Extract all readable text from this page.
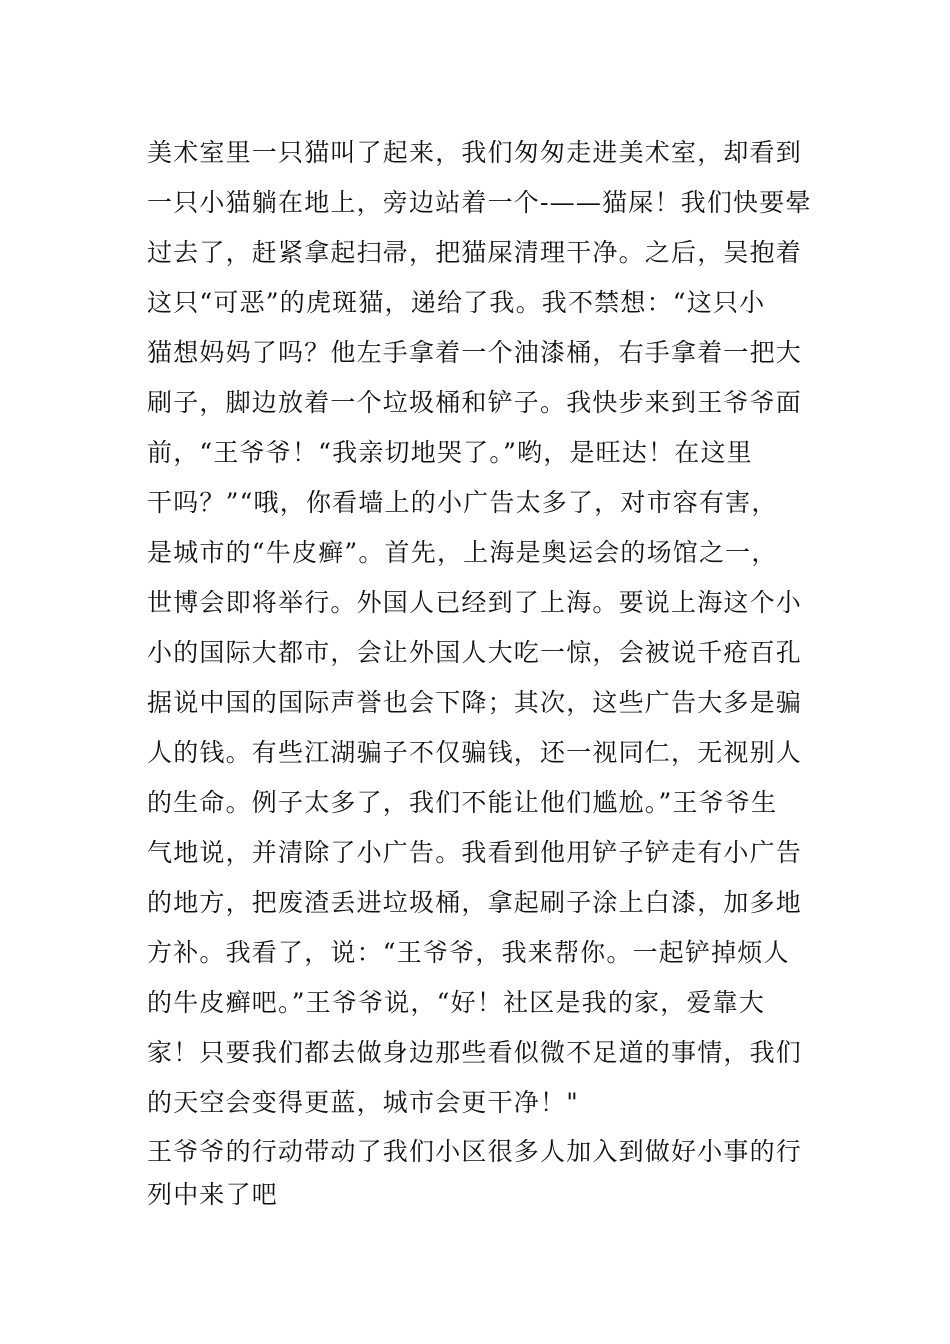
美术室里一只猫叫了起来，我们匆匆走进美术室，却看到
一只小猫躺在地上，旁边站着一个-——猫屎！我们快要晕
过去了，赶紧拿起扫帚，把猫屎清理干净。之后，吴抱着
这只“可恶”的虎斑猫，递给了我。我不禁想：“这只小
猫想妈妈了吗？他左手拿着一个油漆桶，右手拿着一把大
刷子，脚边放着一个垃圾桶和铲子。我快步来到王爷爷面
前，“王爷爷！“我亲切地哭了。”哟，是旺达！在这里
干吗？”“哦，你看墙上的小广告太多了，对市容有害，
是城市的“牛皮癣”。首先，上海是奥运会的场馆之一，
世博会即将举行。外国人已经到了上海。要说上海这个小
小的国际大都市，会让外国人大吃一惊，会被说千疮百孔
据说中国的国际声誉也会下降；其次，这些广告大多是骗
人的钱。有些江湖骗子不仅骗钱，还一视同仁，无视别人
的生命。例子太多了，我们不能让他们尴尬。”王爷爷生
气地说，并清除了小广告。我看到他用铲子铲走有小广告
的地方，把废渣丢进垃圾桶，拿起刷子涂上白漆，加多地
方补。我看了，说：“王爷爷，我来帮你。一起铲掉烦人
的牛皮癣吧。”王爷爷说，“好！社区是我的家，爱靠大
家！只要我们都去做身边那些看似微不足道的事情，我们
的天空会变得更蓝，城市会更干净！"
王爷爷的行动带动了我们小区很多人加入到做好小事的行
列中来了吧
